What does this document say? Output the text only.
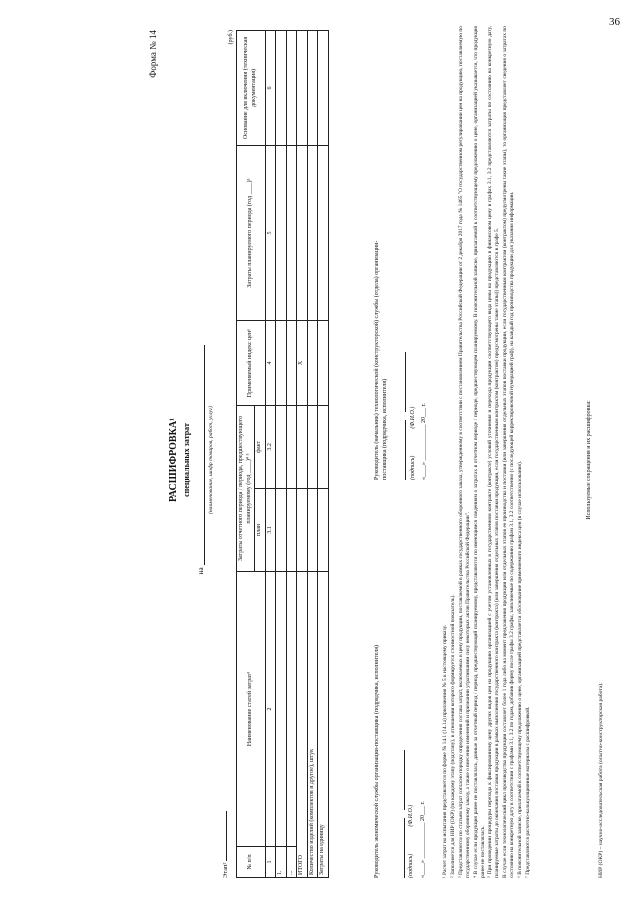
36
Форма № 14
РАСШИФРОВКА¹ специальных затрат
на
(наименование, шифр товаров, работ, услуг)
Этап²
(руб.)
№ п/п	Наименование статей затрат³	Затраты отчетного периода / периода, предшествующего планируемому (год ____)⁴ ⁵		Применяемый индекс цен⁶	Затраты планируемого периода (год ____)⁵	Основание для включения (техническая документация)
		план	факт			
1	2	3.1	3.2	4	5	6
1.						
...						
ИТОГО				X		
Количество изделий (комплектов и другое), штук						
Затраты на единицу							Руководитель экономической службы организации-поставщика (подрядчика, исполнителя)
	(подпись)                  (Ф.И.О.)
«____» ____________ 20___ г.
Руководитель (начальник) технологической (конструкторской) службы (отдела) организации-поставщика (подрядчика, исполнителя)
	(подпись)                  (Ф.И.О.)
«____» ____________ 20___ г.

¹ Расчет затрат на испытания представляется по форме № 14.1 (14.1а) приложения № 5 к настоящему приказу. ² Заполняется для НИР (ОКР) (по каждому этапу (подэтапу), в отношении которого формируется стоимостной показатель). ³ Представляются по статьям затрат согласно порядку определения состава затрат, включаемых в цену продукции, поставляемой в рамках государственного оборонного заказа, утвержденному в соответствии с постановлением Правительства Российской Федерации от 2 декабря 2017 года № 1465 "О государственном регулировании цен на продукцию, поставляемую по государственному оборонному заказу, а также о внесении изменений и признании утратившими силу некоторых актов Правительства Российской Федерации". ⁴ В случае если продукция ранее не поставлялась, данные за отчетный период / период, предшествующий планируемому, представляются по имеющимся сведениям о затратах в отчетном периоде / периоде, предшествующем планируемому. В пояснительной записке, прилагаемой к соответствующему предложению о цене, организацией указывается, что продукция ранее не поставлялась. ⁵ При проведении процедуры перехода к фиксированному цену других видов цен на продукцию организацией с учетом установленных в государственном контракте (контракте) условий уточнения и перехода продукции соответствующего вида цены на продукцию в финансовом цену в графах 3.1, 3.2 представляются затраты по состоянию на конкретную дату, планируемые затраты до окончания поставки продукции в рамках выполнения государственного контракта (контракта) (или завершения отдельных этапов поставки продукции, если государственным контрактом (контрактом) предусмотрены такие этапы)) представляются в графе 5. В случае если технологический цикл производства продукции составляет более 1 года либо на момент предложения продукции или отдельных этапов ее производства и поставки (или завершения отдельных этапов поставки продукции, если государственным контрактом (контрактом) предусмотрены такие этапы), то организация представляет сведения о затратах по состоянию на конкретную дату в соответствии с графами 3.1, 3.2 по годам, добавив форму после графы 3.2 графы, заполняемые по содержанию графам 3.1, 3.2 соответственно (с последующей корректировочной нумерацией граф), на каждый год производства продукции для указания информации. ⁶ В пояснительной записке, прилагаемой к соответствующему предложению о цене, организацией представляется обоснование применяемого индекса цен (в случае использования). ⁷ Представляются расчетно-калькуляционные материалы с расшифровкой.

Используемые сокращения и их расшифровка:
НИР (ОКР) – научно-исследовательская работа (опытно-конструкторская работа).
